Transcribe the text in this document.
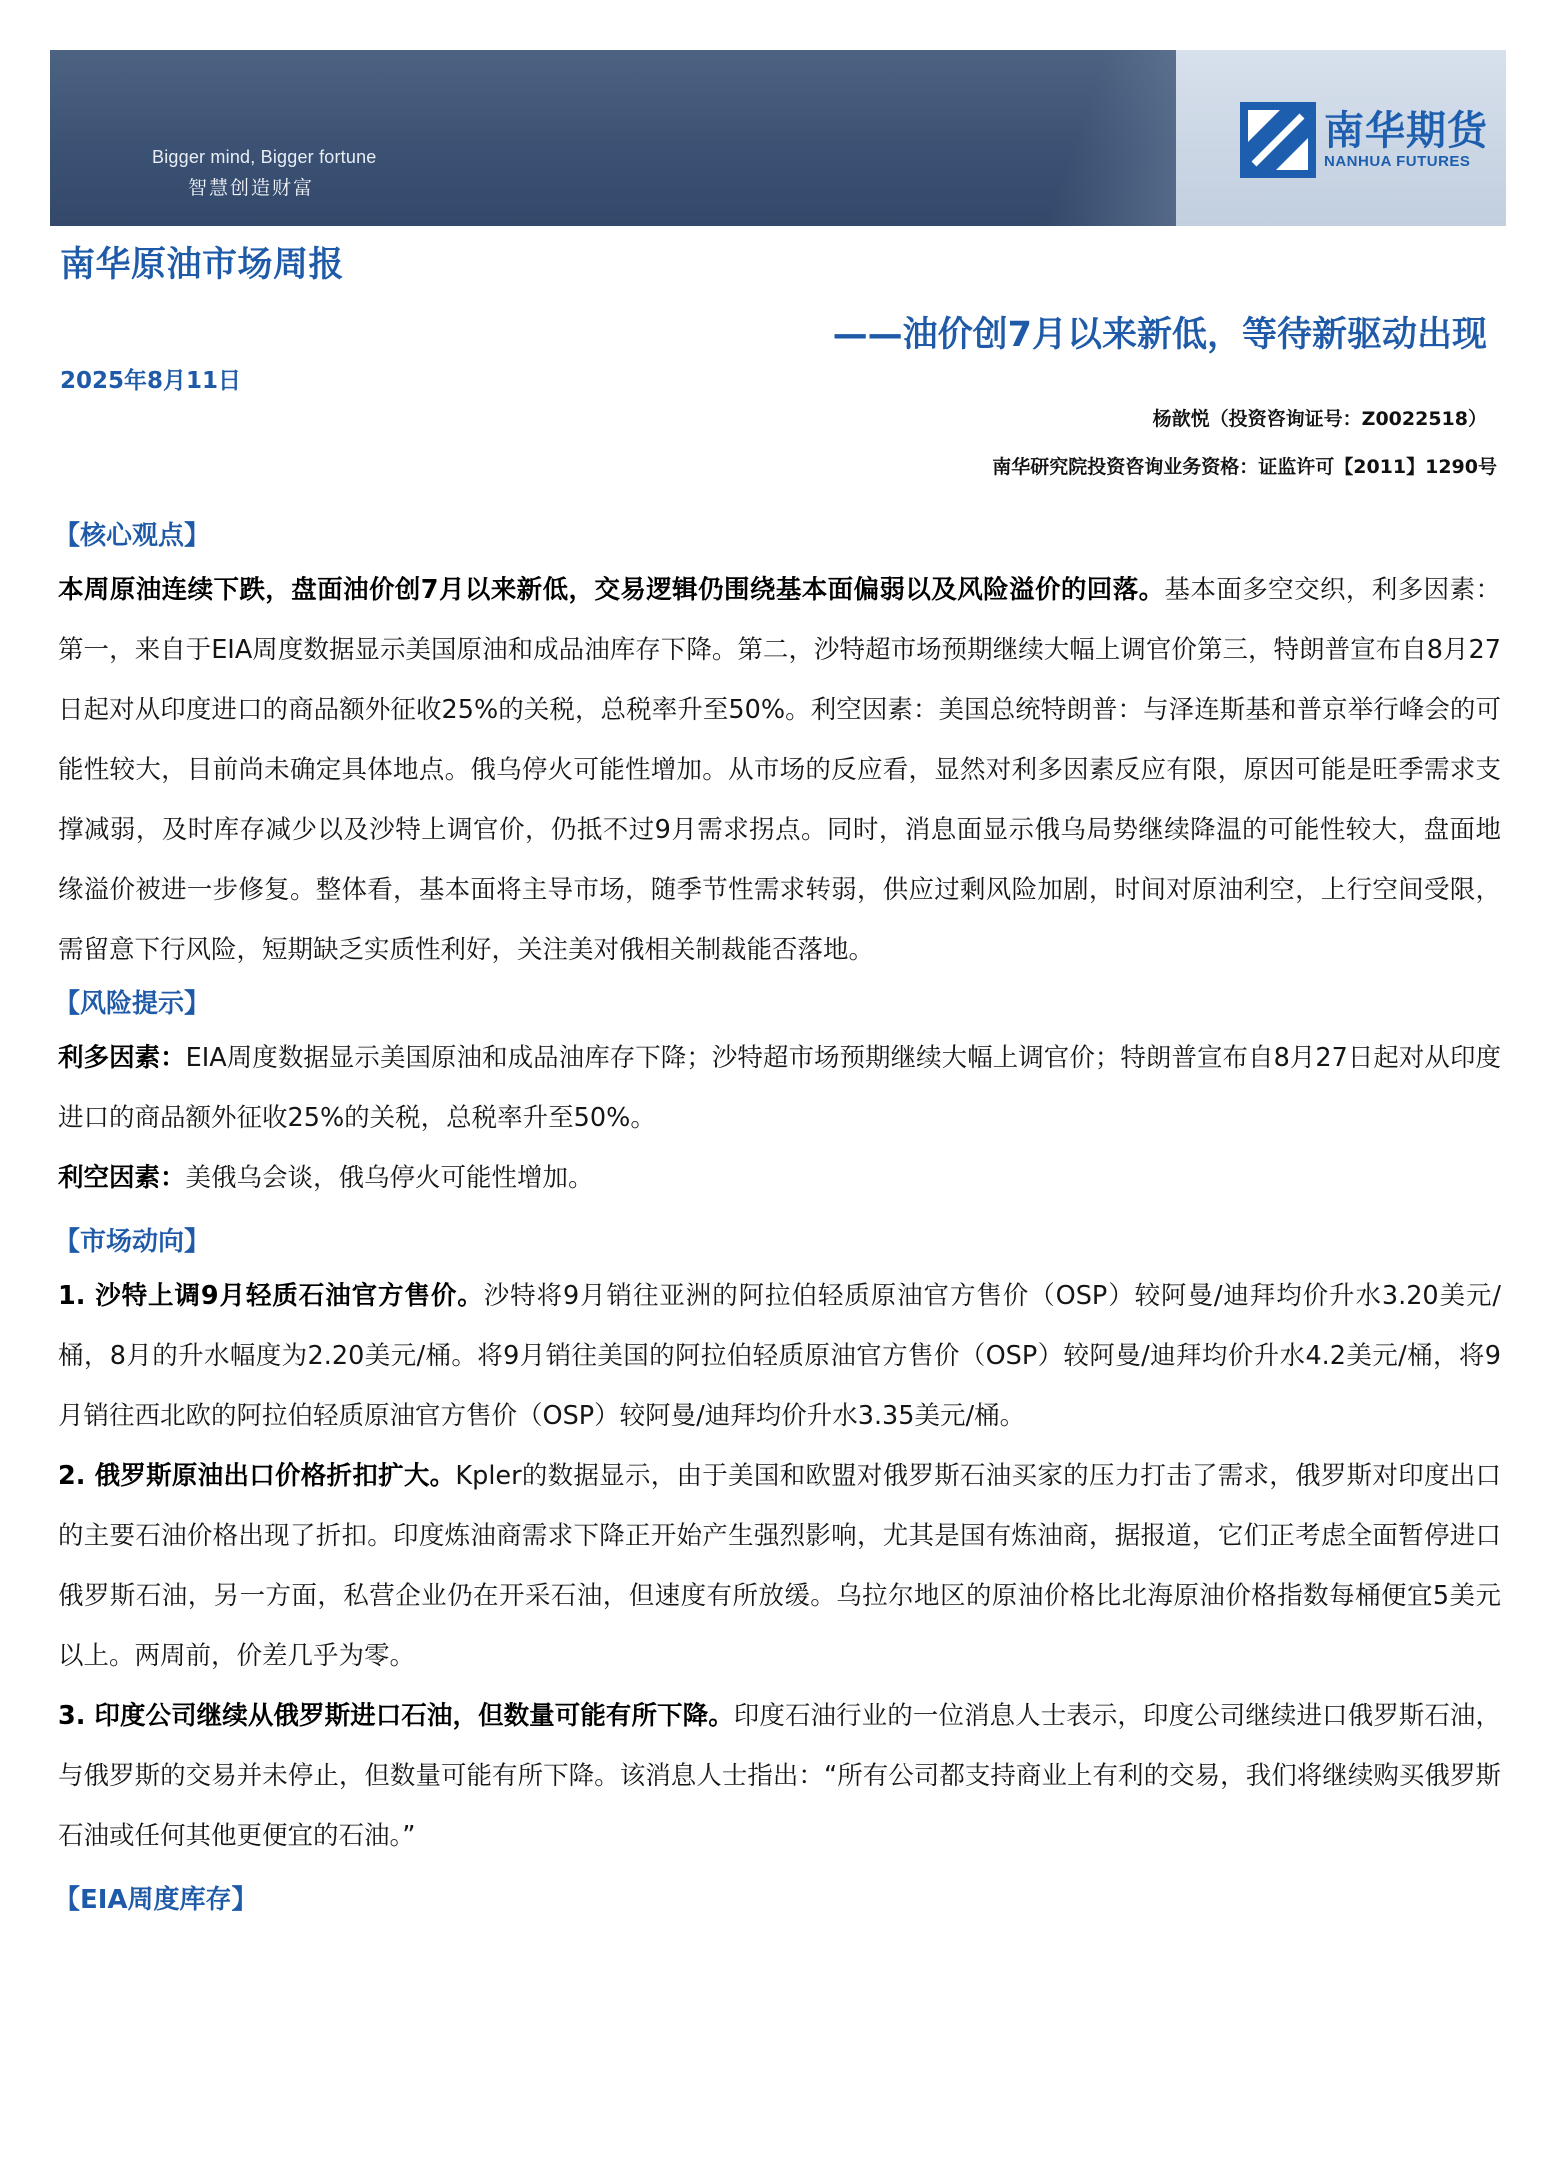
Bigger mind, Bigger fortune
智慧创造财富
南华期货
NANHUA FUTURES
南华原油市场周报
——油价创7月以来新低，等待新驱动出现
2025年8月11日
杨歆悦（投资咨询证号：Z0022518）
南华研究院投资咨询业务资格：证监许可【2011】1290号
【核心观点】

本周原油连续下跌，盘面油价创7月以来新低，交易逻辑仍围绕基本面偏弱以及风险溢价的回落。基本面多空交织，利多因素：第一，来自于EIA周度数据显示美国原油和成品油库存下降。第二，沙特超市场预期继续大幅上调官价第三，特朗普宣布自8月27日起对从印度进口的商品额外征收25%的关税，总税率升至50%。利空因素：美国总统特朗普：与泽连斯基和普京举行峰会的可能性较大，目前尚未确定具体地点。俄乌停火可能性增加。从市场的反应看，显然对利多因素反应有限，原因可能是旺季需求支撑减弱，及时库存减少以及沙特上调官价，仍抵不过9月需求拐点。同时，消息面显示俄乌局势继续降温的可能性较大，盘面地缘溢价被进一步修复。整体看，基本面将主导市场，随季节性需求转弱，供应过剩风险加剧，时间对原油利空，上行空间受限，需留意下行风险，短期缺乏实质性利好，关注美对俄相关制裁能否落地。

【风险提示】

利多因素：EIA周度数据显示美国原油和成品油库存下降；沙特超市场预期继续大幅上调官价；特朗普宣布自8月27日起对从印度进口的商品额外征收25%的关税，总税率升至50%。

利空因素：美俄乌会谈，俄乌停火可能性增加。

【市场动向】

1. 沙特上调9月轻质石油官方售价。沙特将9月销往亚洲的阿拉伯轻质原油官方售价（OSP）较阿曼/迪拜均价升水3.20美元/桶，8月的升水幅度为2.20美元/桶。将9月销往美国的阿拉伯轻质原油官方售价（OSP）较阿曼/迪拜均价升水4.2美元/桶，将9月销往西北欧的阿拉伯轻质原油官方售价（OSP）较阿曼/迪拜均价升水3.35美元/桶。

2. 俄罗斯原油出口价格折扣扩大。Kpler的数据显示，由于美国和欧盟对俄罗斯石油买家的压力打击了需求，俄罗斯对印度出口的主要石油价格出现了折扣。印度炼油商需求下降正开始产生强烈影响，尤其是国有炼油商，据报道，它们正考虑全面暂停进口俄罗斯石油，另一方面，私营企业仍在开采石油，但速度有所放缓。乌拉尔地区的原油价格比北海原油价格指数每桶便宜5美元以上。两周前，价差几乎为零。

3. 印度公司继续从俄罗斯进口石油，但数量可能有所下降。印度石油行业的一位消息人士表示，印度公司继续进口俄罗斯石油，与俄罗斯的交易并未停止，但数量可能有所下降。该消息人士指出：“所有公司都支持商业上有利的交易，我们将继续购买俄罗斯石油或任何其他更便宜的石油。”

【EIA周度库存】
